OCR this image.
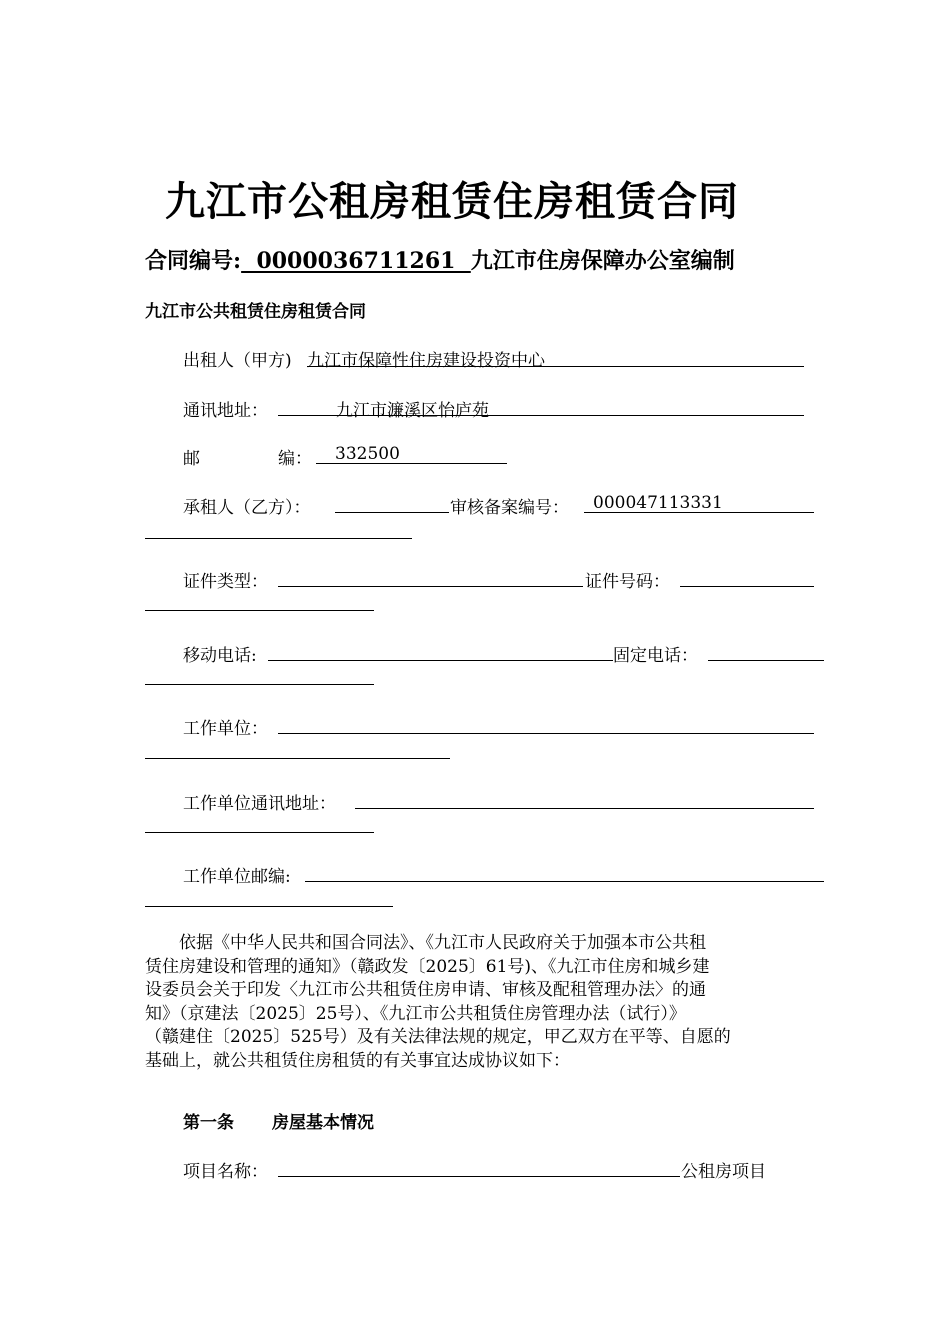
九江市公租房租赁住房租赁合同
合同编号:  0000036711261  九江市住房保障办公室编制
九江市公共租赁住房租赁合同
出租人（甲方) 九江市保障性住房建设投资中心
通讯地址：	九江市濂溪区怡庐苑
邮	编： 332500
承租人（乙方）：	审核备案编号： 000047113331
证件类型：	证件号码：
移动电话:	固定电话：
工作单位：
工作单位通讯地址：
工作单位邮编:

　　依据《中华人民共和国合同法》、《九江市人民政府关于加强本市公共租

赁住房建设和管理的通知》（赣政发〔2025〕61号)、《九江市住房和城乡建

设委员会关于印发〈九江市公共租赁住房申请、审核及配租管理办法〉的通

知》（京建法〔2025〕25号）、《九江市公共租赁住房管理办法（试行）》

（赣建住〔2025〕525号）及有关法律法规的规定，甲乙双方在平等、自愿的

基础上，就公共租赁住房租赁的有关事宜达成协议如下：

第一条 房屋基本情况
项目名称：	公租房项目
